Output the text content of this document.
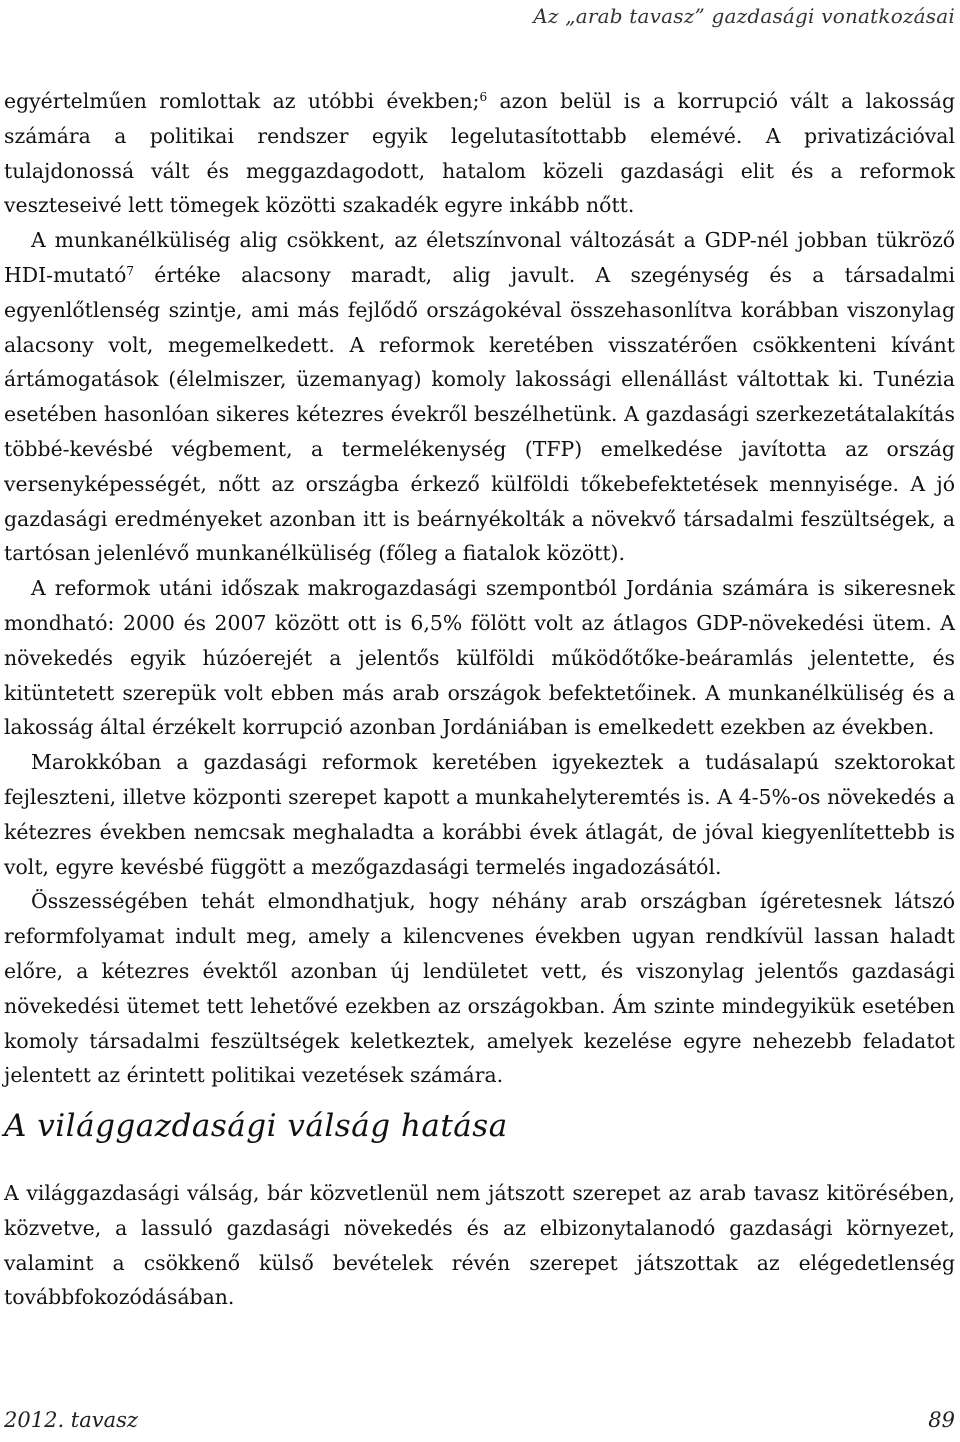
Az „arab tavasz” gazdasági vonatkozásai

egyértelműen romlottak az utóbbi években;$^6$ azon belül is a korrupció vált a lakosság számára a politikai rendszer egyik legelutasítottabb elemévé. A privatizációval tulajdonossá vált és meggazdagodott, hatalom közeli gazdasági elit és a reformok veszteseivé lett tömegek közötti szakadék egyre inkább nőtt.

A munkanélküliség alig csökkent, az életszínvonal változását a GDP-nél jobban tükröző HDI-mutató$^7$ értéke alacsony maradt, alig javult. A szegénység és a társadalmi egyenlőtlenség szintje, ami más fejlődő országokéval összehasonlítva korábban viszonylag alacsony volt, megemelkedett. A reformok keretében visszatérően csökkenteni kívánt ártámogatások (élelmiszer, üzemanyag) komoly lakossági ellenállást váltottak ki. Tunézia esetében hasonlóan sikeres kétezres évekről beszélhetünk. A gazdasági szerkezetátalakítás többé-kevésbé végbement, a termelékenység (TFP) emelkedése javította az ország versenyképességét, nőtt az országba érkező külföldi tőkebefektetések mennyisége. A jó gazdasági eredményeket azonban itt is beárnyékolták a növekvő társadalmi feszültségek, a tartósan jelenlévő munkanélküliség (főleg a fiatalok között).

A reformok utáni időszak makrogazdasági szempontból Jordánia számára is sikeresnek mondható: 2000 és 2007 között ott is 6,5% fölött volt az átlagos GDP-növekedési ütem. A növekedés egyik húzóerejét a jelentős külföldi működőtőke-beáramlás jelentette, és kitüntetett szerepük volt ebben más arab országok befektetőinek. A munkanélküliség és a lakosság által érzékelt korrupció azonban Jordániában is emelkedett ezekben az években.

Marokkóban a gazdasági reformok keretében igyekeztek a tudásalapú szektorokat fejleszteni, illetve központi szerepet kapott a munkahelyteremtés is. A 4-5%-os növekedés a kétezres években nemcsak meghaladta a korábbi évek átlagát, de jóval kiegyenlítettebb is volt, egyre kevésbé függött a mezőgazdasági termelés ingadozásától.

Összességében tehát elmondhatjuk, hogy néhány arab országban ígéretesnek látszó reformfolyamat indult meg, amely a kilencvenes években ugyan rendkívül lassan haladt előre, a kétezres évektől azonban új lendületet vett, és viszonylag jelentős gazdasági növekedési ütemet tett lehetővé ezekben az országokban. Ám szinte mindegyikük esetében komoly társadalmi feszültségek keletkeztek, amelyek kezelése egyre nehezebb feladatot jelentett az érintett politikai vezetések számára.

A világgazdasági válság hatása

A világgazdasági válság, bár közvetlenül nem játszott szerepet az arab tavasz kitörésében, közvetve, a lassuló gazdasági növekedés és az elbizonytalanodó gazdasági környezet, valamint a csökkenő külső bevételek révén szerepet játszottak az elégedetlenség továbbfokozódásában.

2012. tavasz	89
